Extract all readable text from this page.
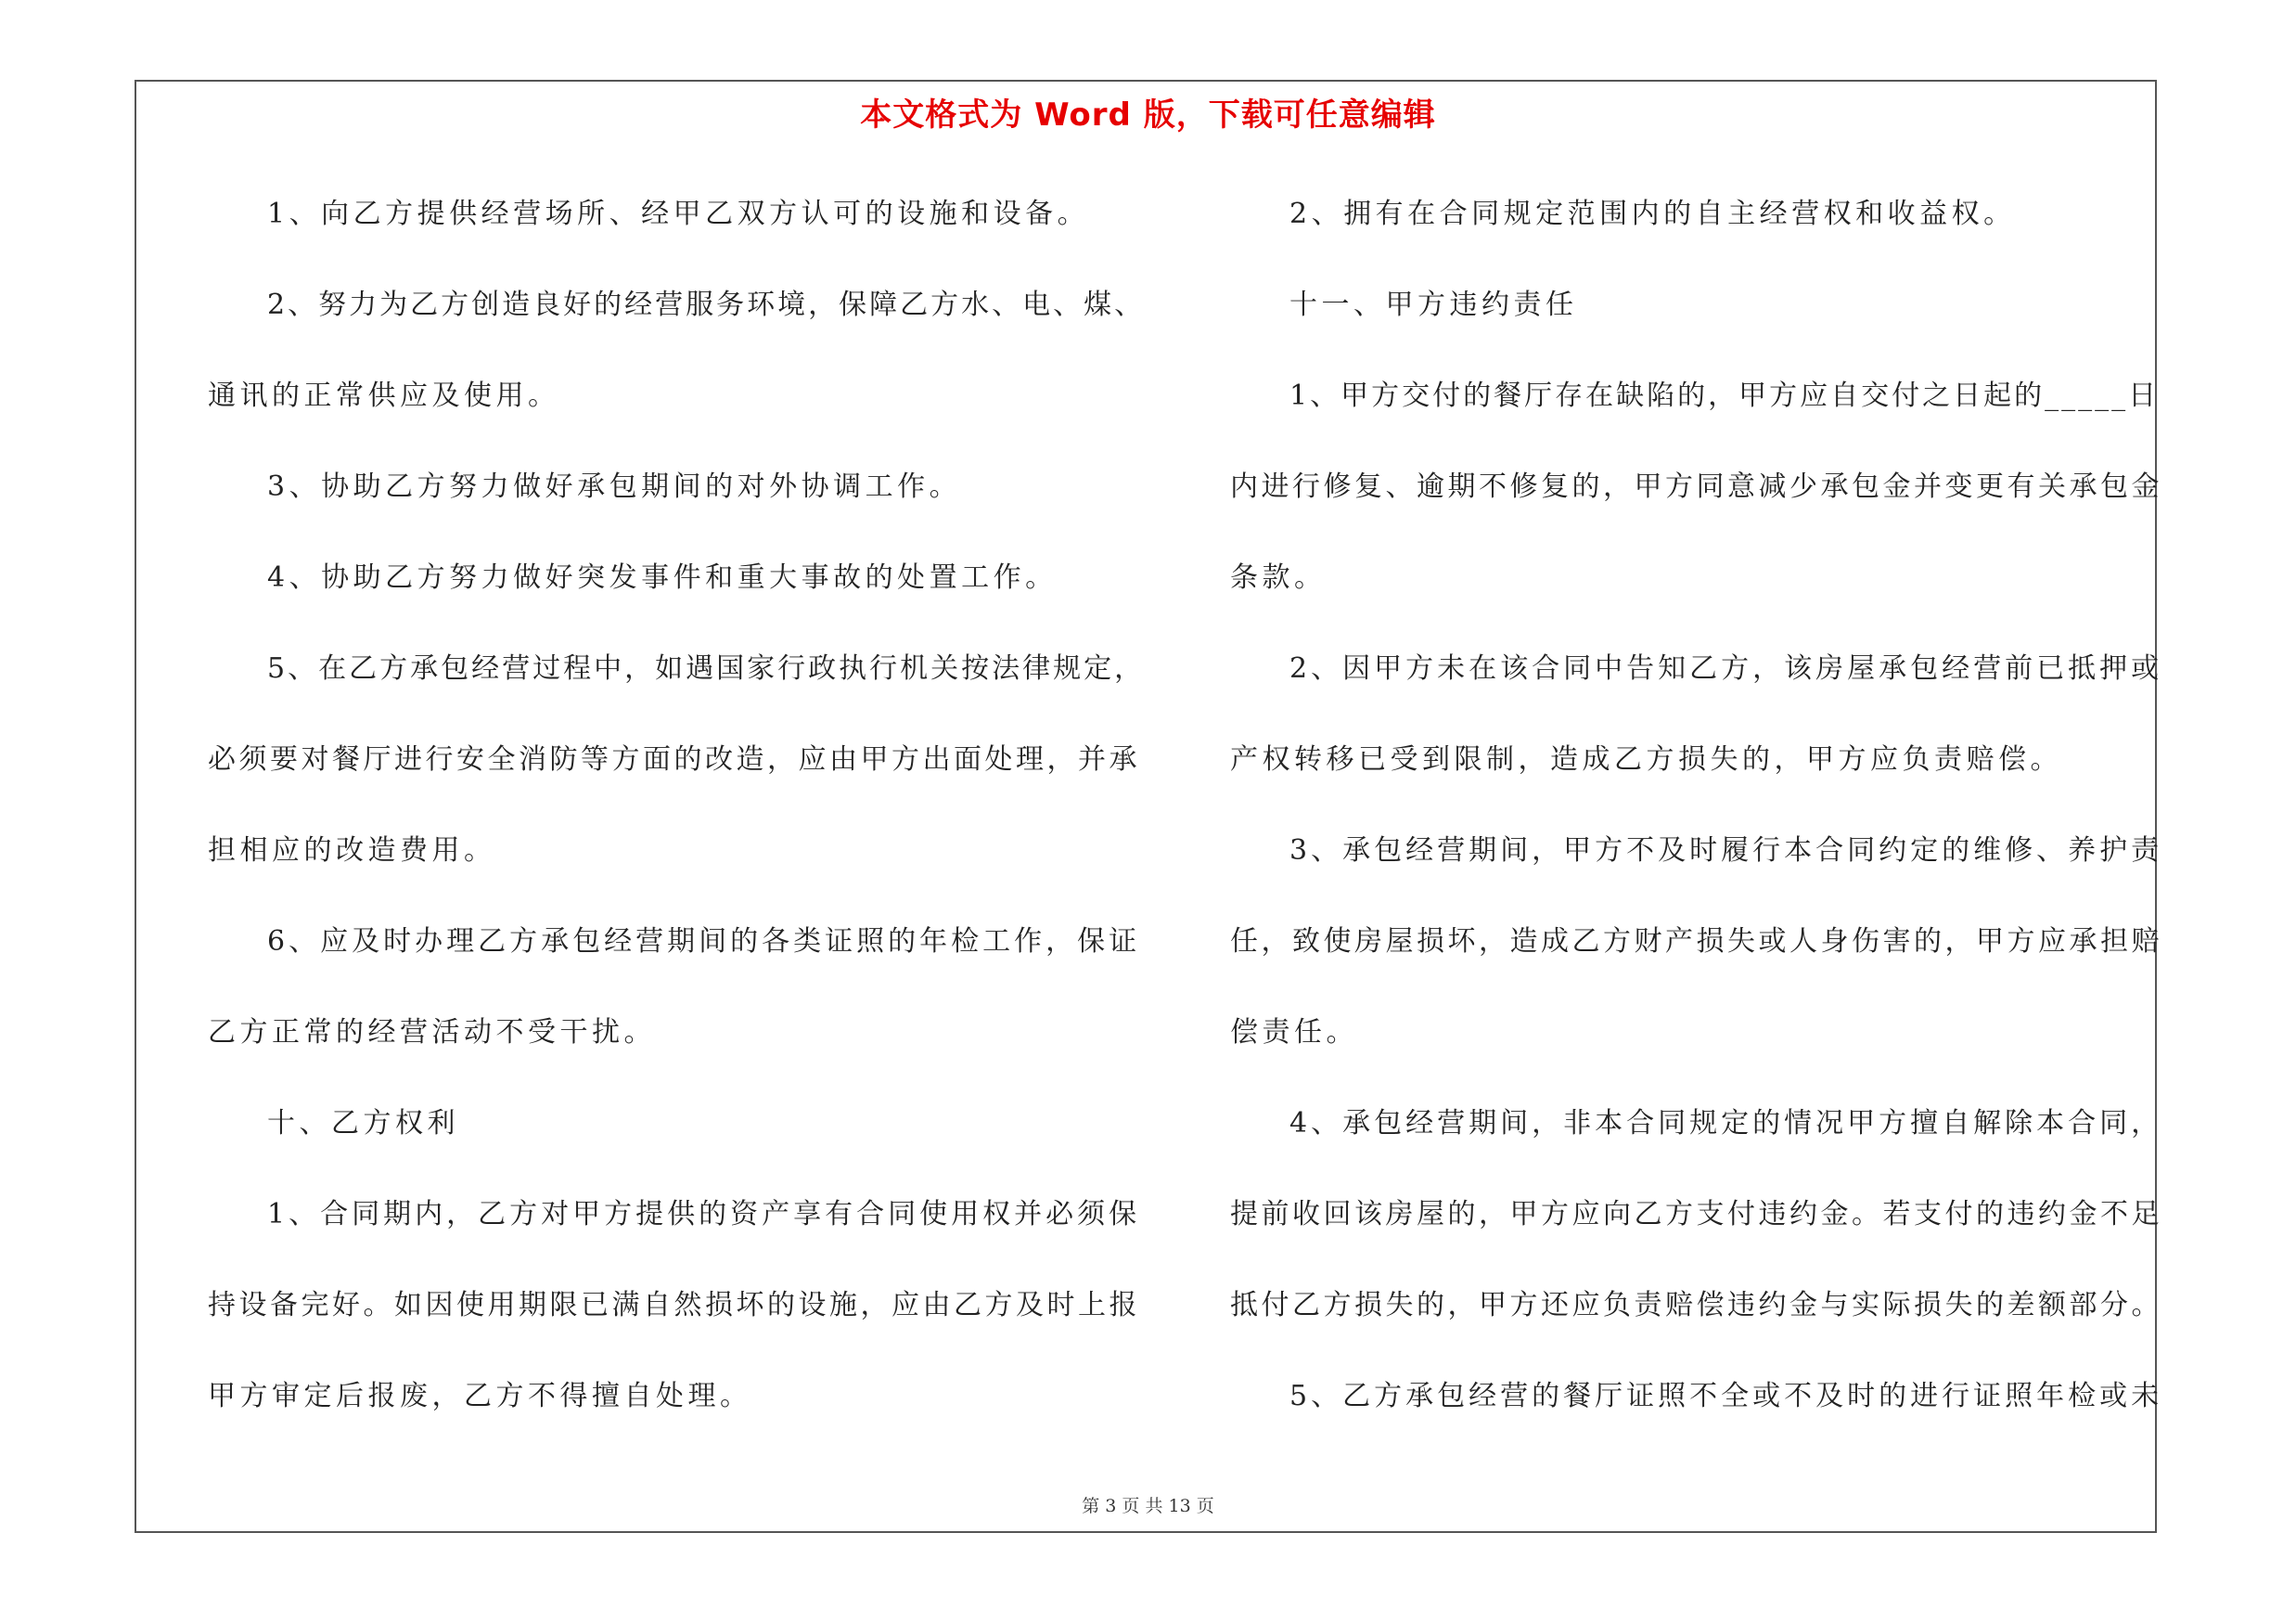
本文格式为 Word 版，下载可任意编辑
1、向乙方提供经营场所、经甲乙双方认可的设施和设备。
2、努力为乙方创造良好的经营服务环境，保障乙方水、电、煤、
通讯的正常供应及使用。
3、协助乙方努力做好承包期间的对外协调工作。
4、协助乙方努力做好突发事件和重大事故的处置工作。
5、在乙方承包经营过程中，如遇国家行政执行机关按法律规定，
必须要对餐厅进行安全消防等方面的改造，应由甲方出面处理，并承
担相应的改造费用。
6、应及时办理乙方承包经营期间的各类证照的年检工作，保证
乙方正常的经营活动不受干扰。
十、乙方权利
1、合同期内，乙方对甲方提供的资产享有合同使用权并必须保
持设备完好。如因使用期限已满自然损坏的设施，应由乙方及时上报
甲方审定后报废，乙方不得擅自处理。
2、拥有在合同规定范围内的自主经营权和收益权。
十一、甲方违约责任
1、甲方交付的餐厅存在缺陷的，甲方应自交付之日起的_____日
内进行修复、逾期不修复的，甲方同意减少承包金并变更有关承包金
条款。
2、因甲方未在该合同中告知乙方，该房屋承包经营前已抵押或
产权转移已受到限制，造成乙方损失的，甲方应负责赔偿。
3、承包经营期间，甲方不及时履行本合同约定的维修、养护责
任，致使房屋损坏，造成乙方财产损失或人身伤害的，甲方应承担赔
偿责任。
4、承包经营期间，非本合同规定的情况甲方擅自解除本合同，
提前收回该房屋的，甲方应向乙方支付违约金。若支付的违约金不足
抵付乙方损失的，甲方还应负责赔偿违约金与实际损失的差额部分。
5、乙方承包经营的餐厅证照不全或不及时的进行证照年检或未
第 3 页 共 13 页
